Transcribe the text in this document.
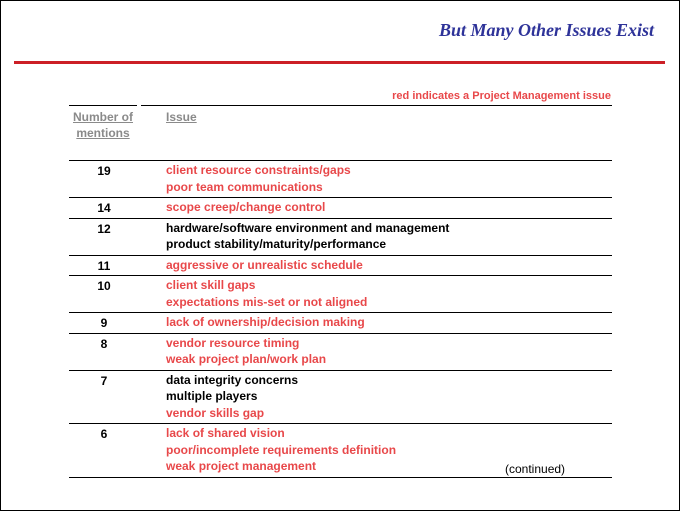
But Many Other Issues Exist
red indicates a Project Management issue
Number of mentions
Issue
19	client resource constraints/gaps
poor team communications
14	scope creep/change control
12	hardware/software environment and management
product stability/maturity/performance
11	aggressive or unrealistic schedule
10	client skill gaps
expectations mis-set or not aligned
9	lack of ownership/decision making
8	vendor resource timing
weak project plan/work plan
7	data integrity concerns
multiple players
vendor skills gap
6	lack of shared vision
poor/incomplete requirements definition
weak project management	(continued)
